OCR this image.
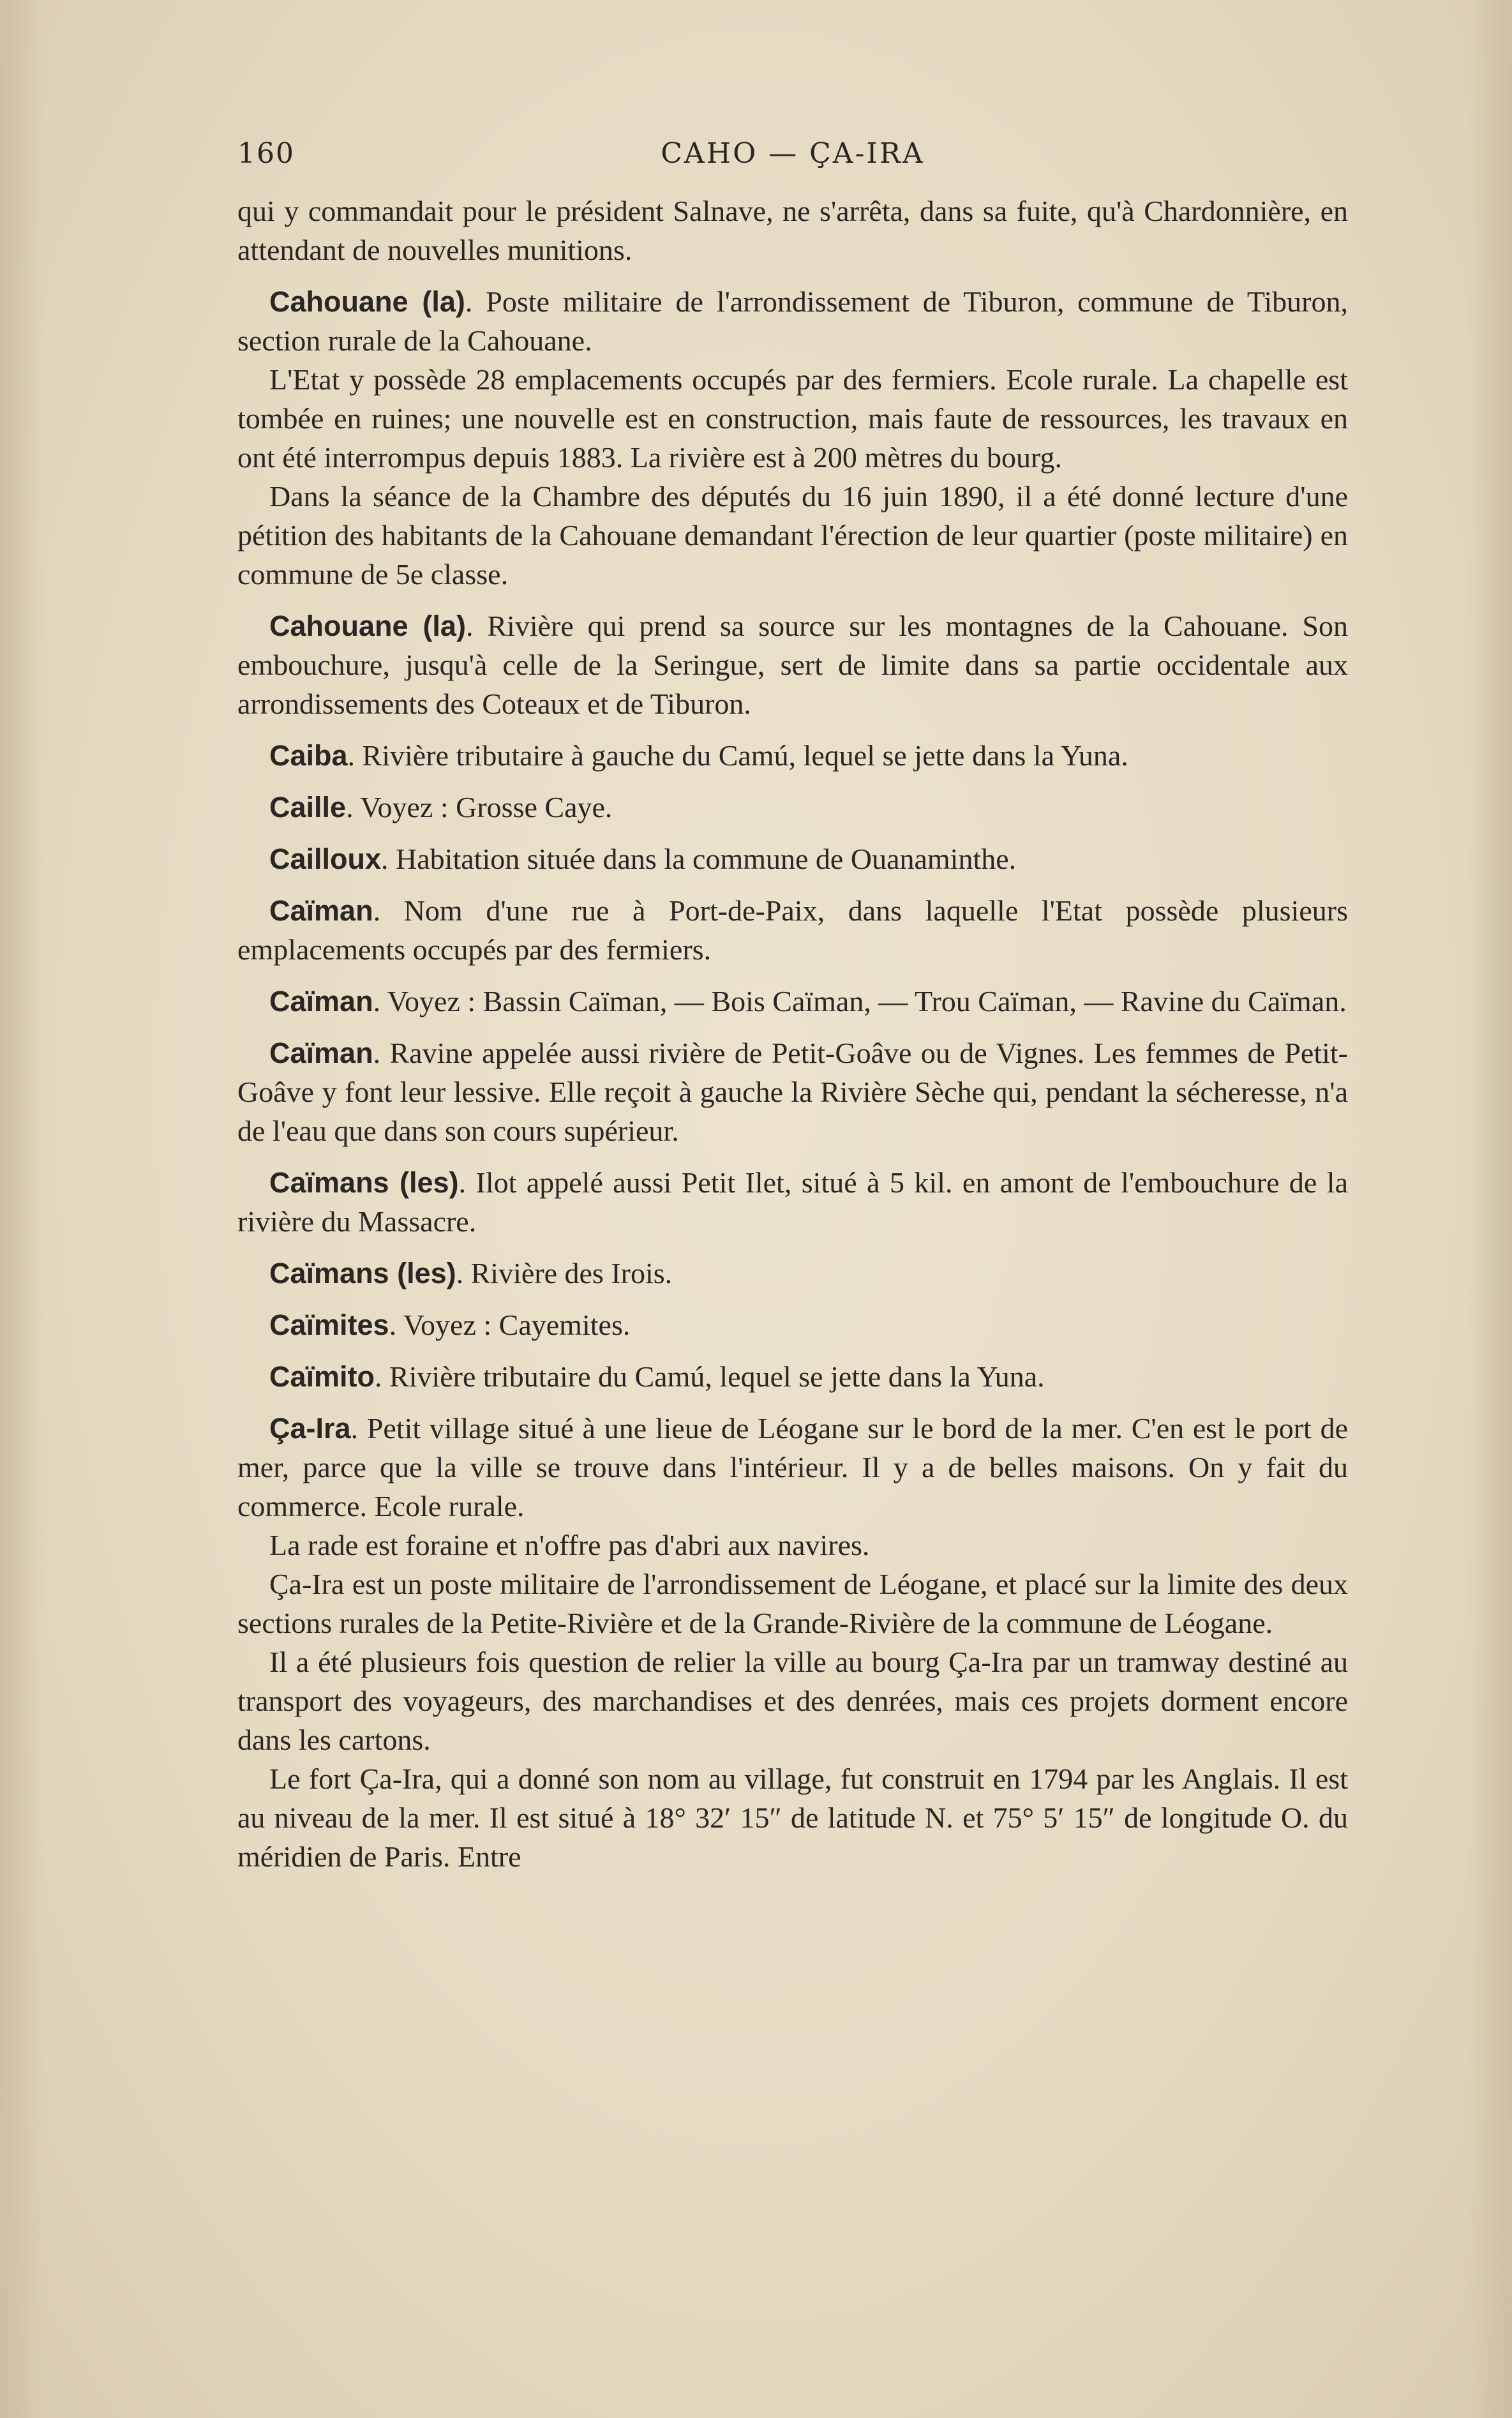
CAHO — ÇA-IRA
160

qui y commandait pour le président Salnave, ne s'arrêta, dans sa fuite, qu'à Chardonnière, en attendant de nouvelles munitions.

Cahouane (la). Poste militaire de l'arrondissement de Tiburon, commune de Tiburon, section rurale de la Cahouane.

L'Etat y possède 28 emplacements occupés par des fermiers. Ecole rurale. La chapelle est tombée en ruines; une nouvelle est en construction, mais faute de ressources, les travaux en ont été interrompus depuis 1883. La rivière est à 200 mètres du bourg.

Dans la séance de la Chambre des députés du 16 juin 1890, il a été donné lecture d'une pétition des habitants de la Cahouane demandant l'érection de leur quartier (poste militaire) en commune de 5e classe.

Cahouane (la). Rivière qui prend sa source sur les montagnes de la Cahouane. Son embouchure, jusqu'à celle de la Seringue, sert de limite dans sa partie occidentale aux arrondissements des Coteaux et de Tiburon.

Caiba. Rivière tributaire à gauche du Camú, lequel se jette dans la Yuna.

Caille. Voyez : Grosse Caye.

Cailloux. Habitation située dans la commune de Ouanaminthe.

Caïman. Nom d'une rue à Port-de-Paix, dans laquelle l'Etat possède plusieurs emplacements occupés par des fermiers.

Caïman. Voyez : Bassin Caïman, — Bois Caïman, — Trou Caïman, — Ravine du Caïman.

Caïman. Ravine appelée aussi rivière de Petit-Goâve ou de Vignes. Les femmes de Petit-Goâve y font leur lessive. Elle reçoit à gauche la Rivière Sèche qui, pendant la sécheresse, n'a de l'eau que dans son cours supérieur.

Caïmans (les). Ilot appelé aussi Petit Ilet, situé à 5 kil. en amont de l'embouchure de la rivière du Massacre.

Caïmans (les). Rivière des Irois.

Caïmites. Voyez : Cayemites.

Caïmito. Rivière tributaire du Camú, lequel se jette dans la Yuna.

Ça-Ira. Petit village situé à une lieue de Léogane sur le bord de la mer. C'en est le port de mer, parce que la ville se trouve dans l'intérieur. Il y a de belles maisons. On y fait du commerce. Ecole rurale.

La rade est foraine et n'offre pas d'abri aux navires.

Ça-Ira est un poste militaire de l'arrondissement de Léogane, et placé sur la limite des deux sections rurales de la Petite-Rivière et de la Grande-Rivière de la commune de Léogane.

Il a été plusieurs fois question de relier la ville au bourg Ça-Ira par un tramway destiné au transport des voyageurs, des marchandises et des denrées, mais ces projets dorment encore dans les cartons.

Le fort Ça-Ira, qui a donné son nom au village, fut construit en 1794 par les Anglais. Il est au niveau de la mer. Il est situé à 18° 32′ 15″ de latitude N. et 75° 5′ 15″ de longitude O. du méridien de Paris. Entre
